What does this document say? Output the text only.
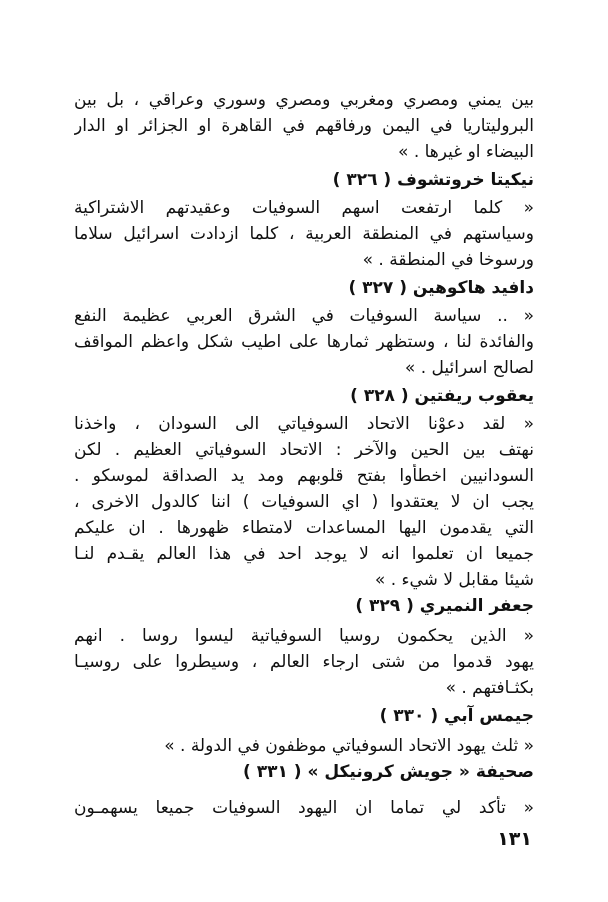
بين يمني ومصري ومغربي ومصري وسوري وعراقي ، بل بين
البروليتاريا في اليمن ورفاقهم في القاهرة او الجزائر او الدار
البيضاء او غيرها . »
نيكيتا خروتشوف ( ٣٢٦ )
« كلما ارتفعت اسهم السوفيات وعقيدتهم الاشتراكية
وسياستهم في المنطقة العربية ، كلما ازدادت اسرائيل سلاما
ورسوخا في المنطقة . »
دافيد هاكوهين ( ٣٢٧ )
« .. سياسة السوفيات في الشرق العربي عظيمة النفع
والفائدة لنا ، وستظهر ثمارها على اطيب شكل واعظم المواقف
لصالح اسرائيل . »
يعقوب ريفتين ( ٣٢٨ )
« لقد دعوْنا الاتحاد السوفياتي الى السودان ، واخذنا
نهتف بين الحين والآخر : الاتحاد السوفياتي العظيم . لكن
السودانيين اخطأوا بفتح قلوبهم ومد يد الصداقة لموسكو .
يجب ان لا يعتقدوا ( اي السوفيات ) اننا كالدول الاخرى ،
التي يقدمون اليها المساعدات لامتطاء ظهورها . ان عليكم
جميعا ان تعلموا انه لا يوجد احد في هذا العالم يقـدم لنـا
شيئا مقابل لا شيء . »
جعفر النميري ( ٣٢٩ )
« الذين يحكمون روسيا السوفياتية ليسوا روسا . انهم
يهود قدموا من شتى ارجاء العالم ، وسيطروا على روسيـا
بكثـافتهم . »
جيمس آبي ( ٣٣٠ )
« ثلث يهود الاتحاد السوفياتي موظفون في الدولة . »
صحيفة « جويش كرونيكل » ( ٣٣١ )
« تأكد لي تماما ان اليهود السوفيات جميعا يسهمـون
١٣١
